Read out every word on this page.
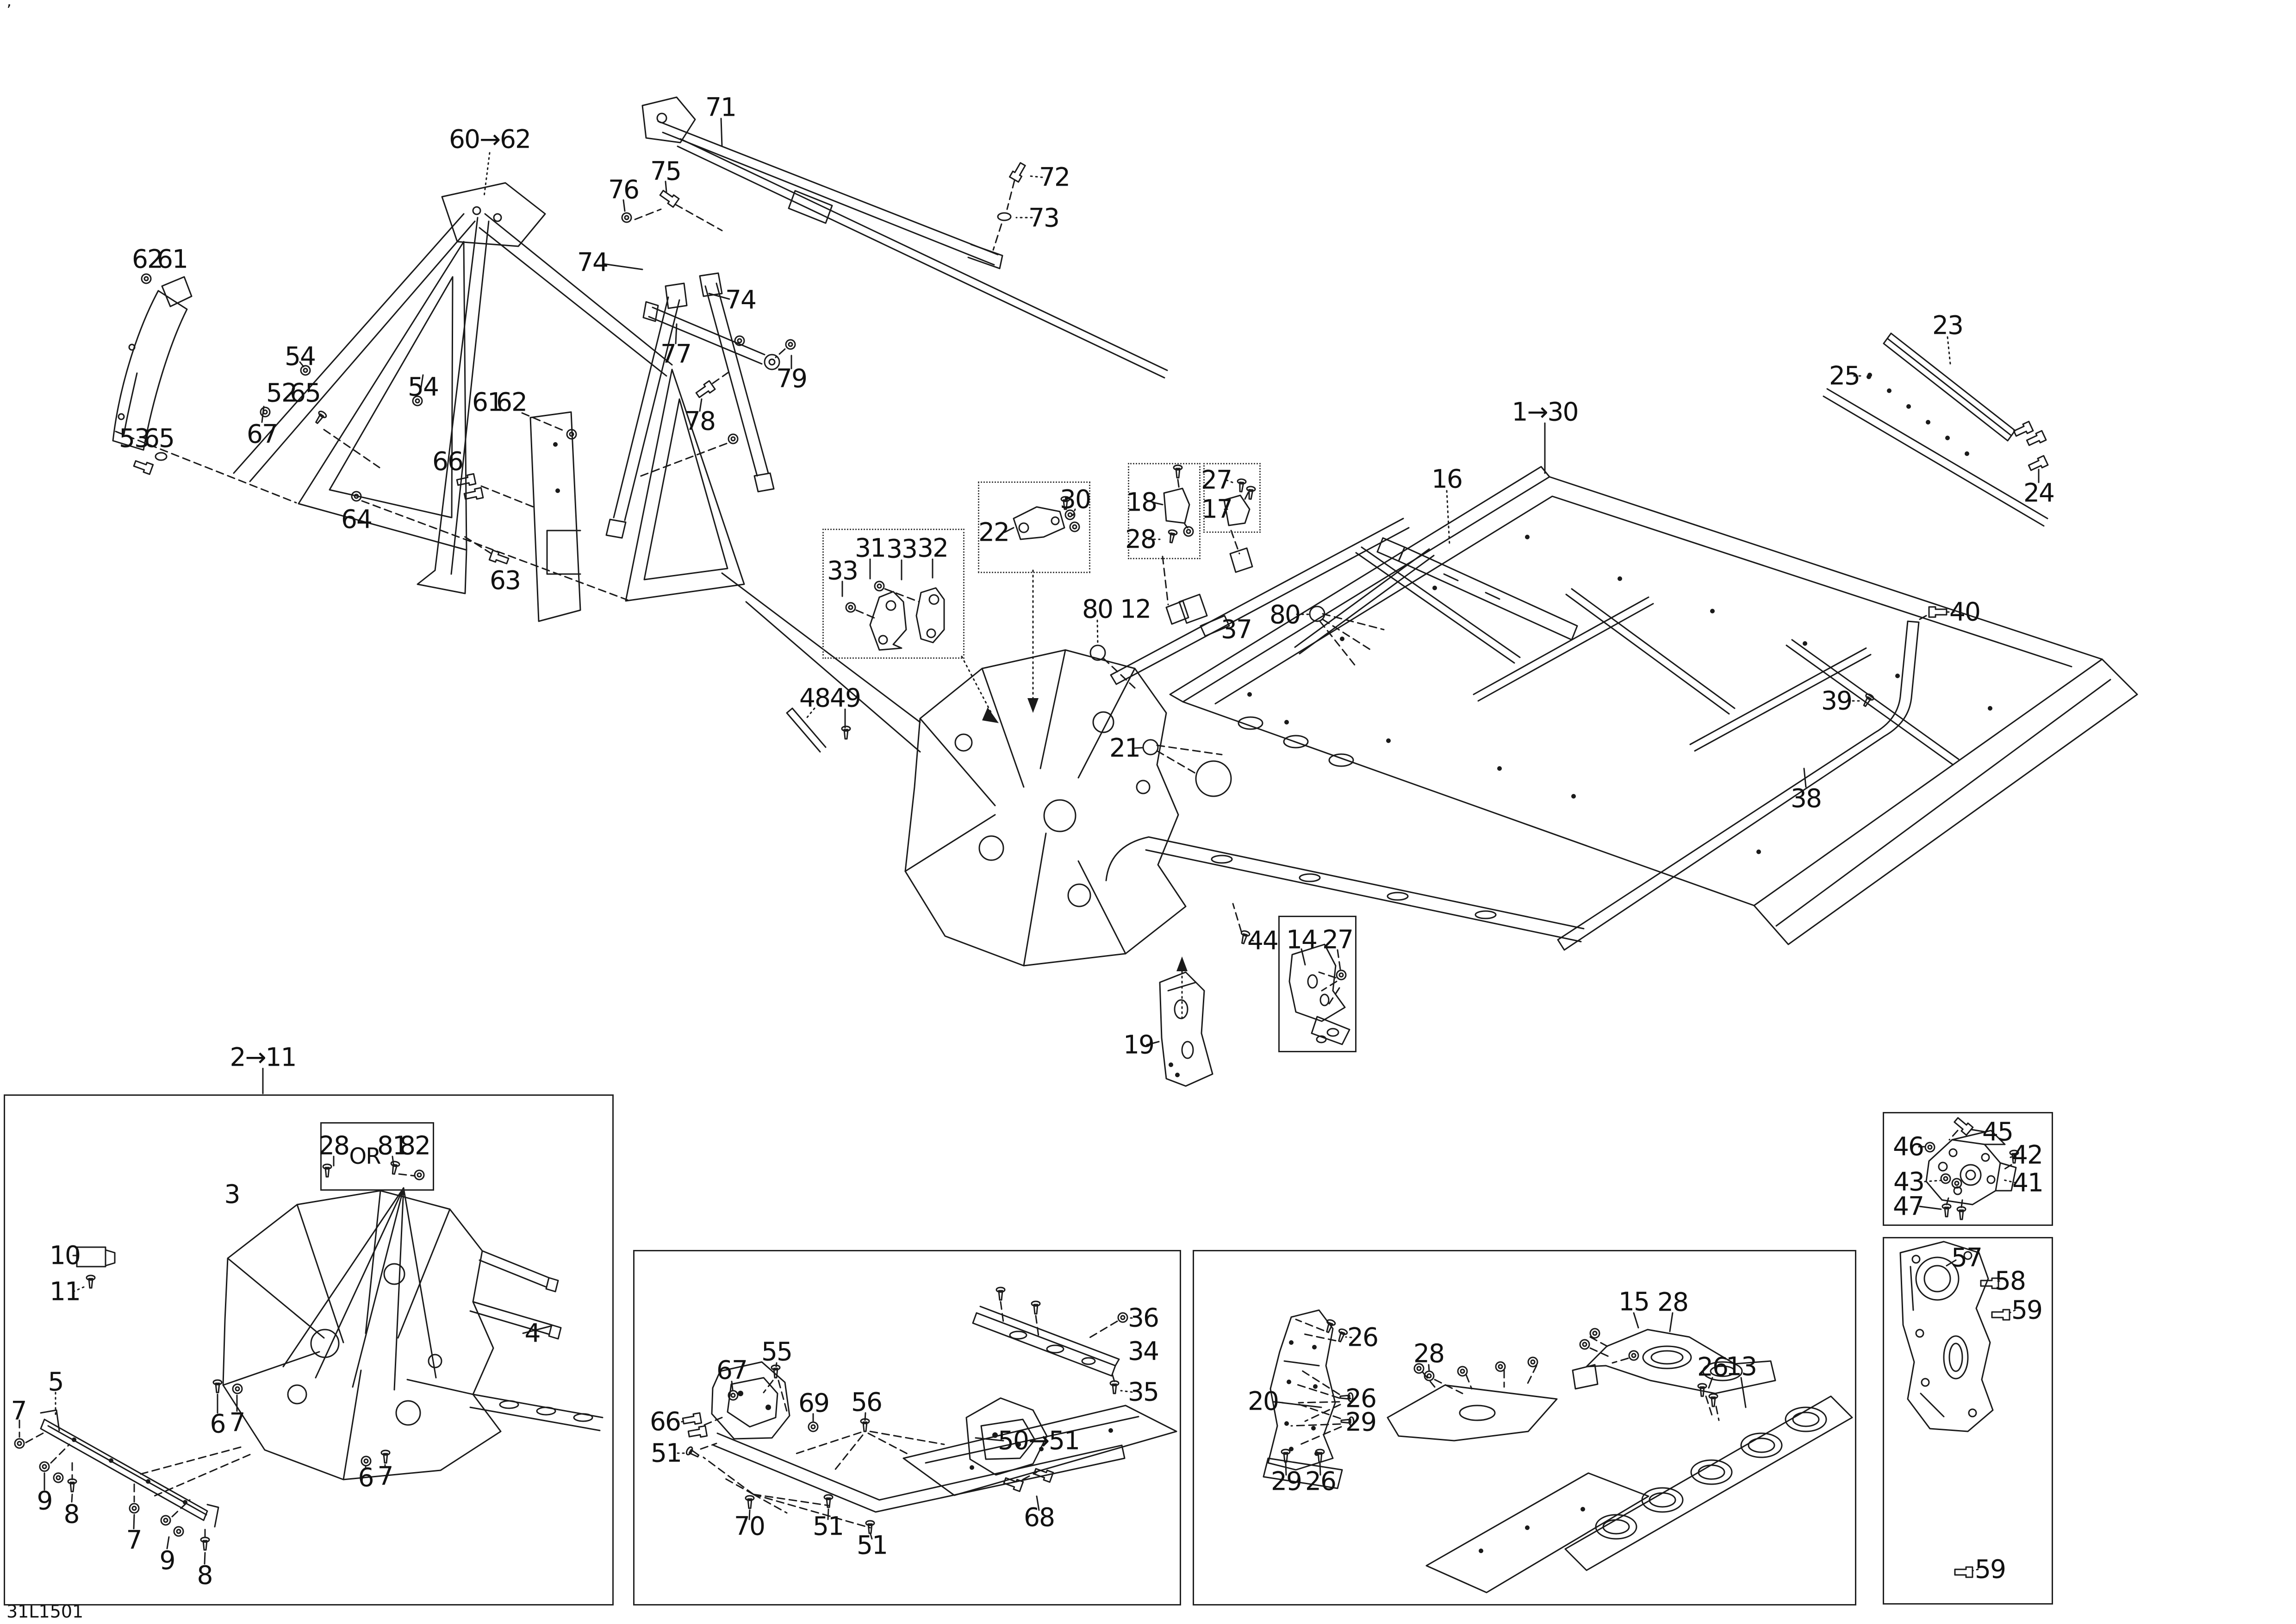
’
31L1501
60→62
62
61
54
54
52
65
67
53
65
64
66
61
62
63
71
75
76
74
74
77
79
78
72
73
31 33 32
33
48 49
22
30 18
28
27
17
16
1→30
23
25
24
80 12
37 80
21
40
39
38
44
19
14 27
2→11
28 OR
81
82
3
10
11
4
5
7
9 8
6 7
6 7
7
9 8
55
67
69 56
66
51
70 51
51
50→51
68
36
34
35
26
20	26
29
29 26
28
15 28
26
13
45
46	42
43	41
47
57
58
59
59
